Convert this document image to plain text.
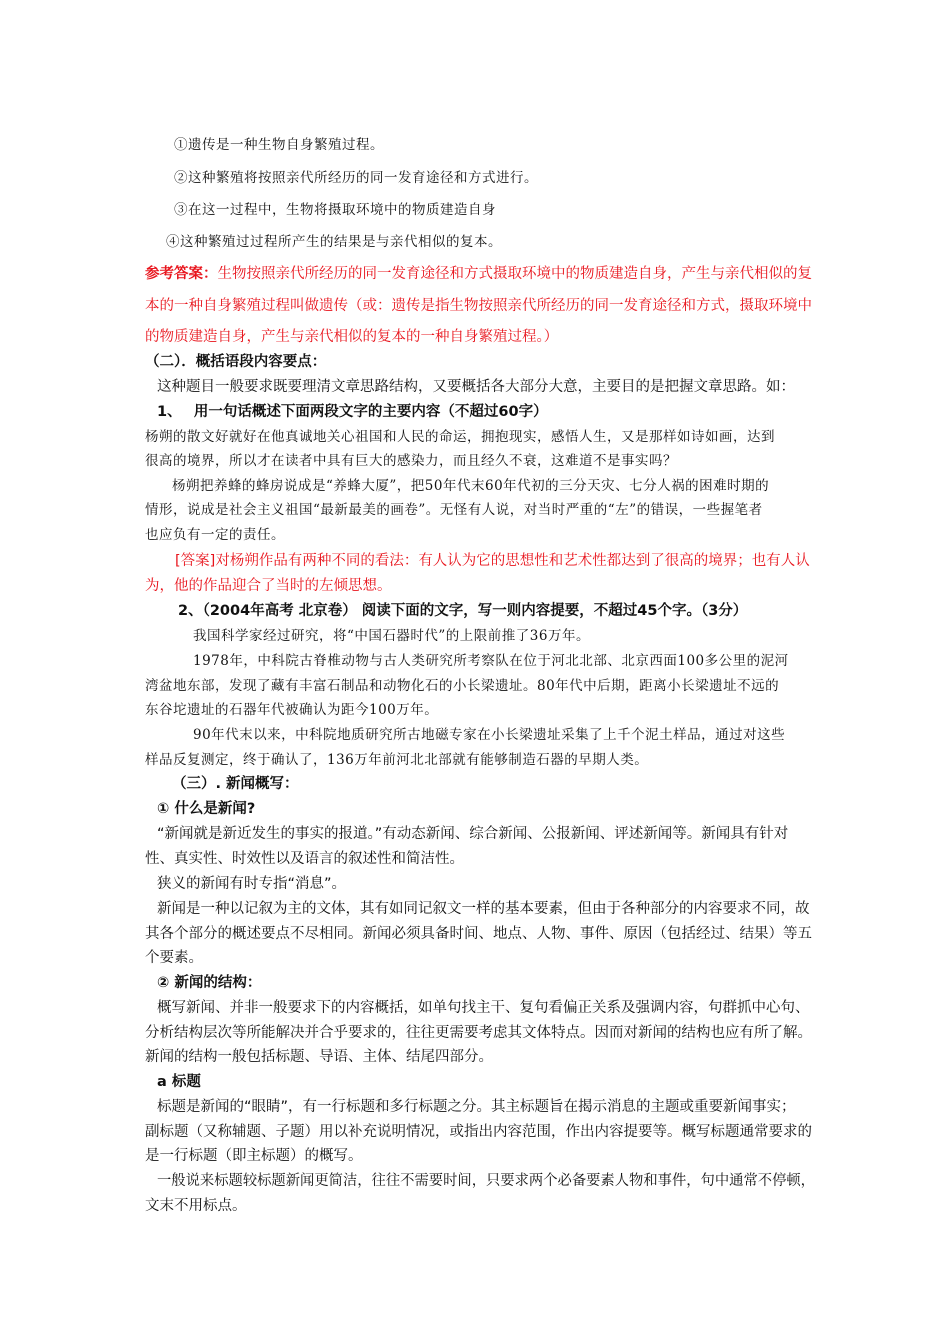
①遗传是一种生物自身繁殖过程。
②这种繁殖将按照亲代所经历的同一发育途径和方式进行。
③在这一过程中，生物将摄取环境中的物质建造自身
④这种繁殖过过程所产生的结果是与亲代相似的复本。
参考答案：生物按照亲代所经历的同一发育途径和方式摄取环境中的物质建造自身，产生与亲代相似的复
本的一种自身繁殖过程叫做遗传（或：遗传是指生物按照亲代所经历的同一发育途径和方式，摄取环境中
的物质建造自身，产生与亲代相似的复本的一种自身繁殖过程。）
（二）．概括语段内容要点：
这种题目一般要求既要理清文章思路结构，又要概括各大部分大意，主要目的是把握文章思路。如：
1、　 用一句话概述下面两段文字的主要内容（不超过60字）
杨朔的散文好就好在他真诚地关心祖国和人民的命运，拥抱现实，感悟人生，又是那样如诗如画，达到
很高的境界，所以才在读者中具有巨大的感染力，而且经久不衰，这难道不是事实吗？
杨朔把养蜂的蜂房说成是“养蜂大厦”，把50年代末60年代初的三分天灾、七分人祸的困难时期的
情形，说成是社会主义祖国“最新最美的画卷”。无怪有人说，对当时严重的“左”的错误，一些握笔者
也应负有一定的责任。
[答案]对杨朔作品有两种不同的看法：有人认为它的思想性和艺术性都达到了很高的境界；也有人认
为，他的作品迎合了当时的左倾思想。
2、（2004年高考 北京卷） 阅读下面的文字，写一则内容提要，不超过45个字。（3分）
我国科学家经过研究，将“中国石器时代”的上限前推了36万年。
1978年，中科院古脊椎动物与古人类研究所考察队在位于河北北部、北京西面100多公里的泥河
湾盆地东部，发现了藏有丰富石制品和动物化石的小长梁遗址。80年代中后期，距离小长梁遗址不远的
东谷坨遗址的石器年代被确认为距今100万年。
90年代末以来，中科院地质研究所古地磁专家在小长梁遗址采集了上千个泥土样品，通过对这些
样品反复测定，终于确认了，136万年前河北北部就有能够制造石器的早期人类。
（三）. 新闻概写：
① 什么是新闻?
“新闻就是新近发生的事实的报道。”有动态新闻、综合新闻、公报新闻、评述新闻等。新闻具有针对
性、真实性、时效性以及语言的叙述性和简洁性。
狭义的新闻有时专指“消息”。
新闻是一种以记叙为主的文体，其有如同记叙文一样的基本要素，但由于各种部分的内容要求不同，故
其各个部分的概述要点不尽相同。新闻必须具备时间、地点、人物、事件、原因（包括经过、结果）等五
个要素。
② 新闻的结构：
概写新闻、并非一般要求下的内容概括，如单句找主干、复句看偏正关系及强调内容，句群抓中心句、
分析结构层次等所能解决并合乎要求的，往往更需要考虑其文体特点。因而对新闻的结构也应有所了解。
新闻的结构一般包括标题、导语、主体、结尾四部分。
a 标题
标题是新闻的“眼睛”，有一行标题和多行标题之分。其主标题旨在揭示消息的主题或重要新闻事实；
副标题（又称辅题、子题）用以补充说明情况，或指出内容范围，作出内容提要等。概写标题通常要求的
是一行标题（即主标题）的概写。
一般说来标题较标题新闻更简洁，往往不需要时间，只要求两个必备要素人物和事件，句中通常不停顿，
文末不用标点。
